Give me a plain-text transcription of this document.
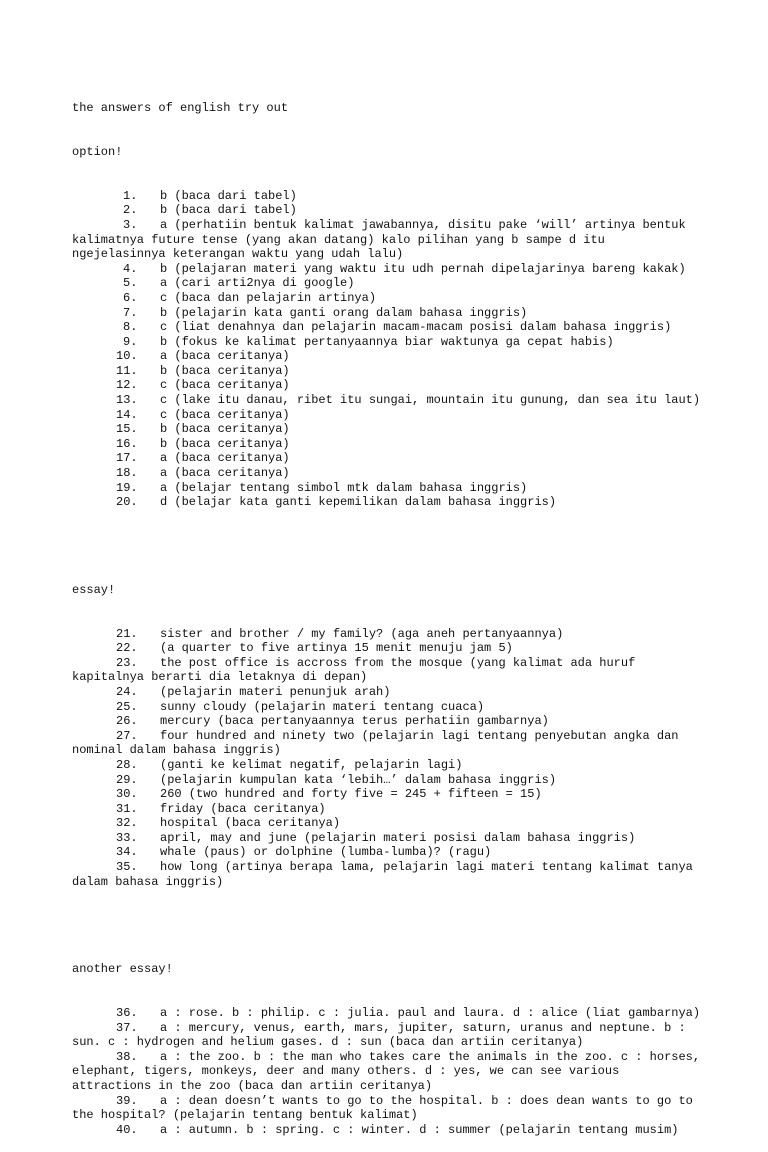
the answers of english try out

option!

1. b (baca dari tabel)
2. b (baca dari tabel)
3. a (perhatiin bentuk kalimat jawabannya, disitu pake ‘will’ artinya bentuk kalimatnya future tense (yang akan datang) kalo pilihan yang b sampe d itu ngejelasinnya keterangan waktu yang udah lalu)
4. b (pelajaran materi yang waktu itu udh pernah dipelajarinya bareng kakak)
5. a (cari arti2nya di google)
6. c (baca dan pelajarin artinya)
7. b (pelajarin kata ganti orang dalam bahasa inggris)
8. c (liat denahnya dan pelajarin macam-macam posisi dalam bahasa inggris)
9. b (fokus ke kalimat pertanyaannya biar waktunya ga cepat habis)
10. a (baca ceritanya)
11. b (baca ceritanya)
12. c (baca ceritanya)
13. c (lake itu danau, ribet itu sungai, mountain itu gunung, dan sea itu laut)
14. c (baca ceritanya)
15. b (baca ceritanya)
16. b (baca ceritanya)
17. a (baca ceritanya)
18. a (baca ceritanya)
19. a (belajar tentang simbol mtk dalam bahasa inggris)
20. d (belajar kata ganti kepemilikan dalam bahasa inggris)

essay!

21. sister and brother / my family? (aga aneh pertanyaannya)
22. (a quarter to five artinya 15 menit menuju jam 5)
23. the post office is accross from the mosque (yang kalimat ada huruf kapitalnya berarti dia letaknya di depan)
24. (pelajarin materi penunjuk arah)
25. sunny cloudy (pelajarin materi tentang cuaca)
26. mercury (baca pertanyaannya terus perhatiin gambarnya)
27. four hundred and ninety two (pelajarin lagi tentang penyebutan angka dan nominal dalam bahasa inggris)
28. (ganti ke kelimat negatif, pelajarin lagi)
29. (pelajarin kumpulan kata ‘lebih…’ dalam bahasa inggris)
30. 260 (two hundred and forty five = 245 + fifteen = 15)
31. friday (baca ceritanya)
32. hospital (baca ceritanya)
33. april, may and june (pelajarin materi posisi dalam bahasa inggris)
34. whale (paus) or dolphine (lumba-lumba)? (ragu)
35. how long (artinya berapa lama, pelajarin lagi materi tentang kalimat tanya dalam bahasa inggris)

another essay!

36. a : rose. b : philip. c : julia. paul and laura. d : alice (liat gambarnya)
37. a : mercury, venus, earth, mars, jupiter, saturn, uranus and neptune. b : sun. c : hydrogen and helium gases. d : sun (baca dan artiin ceritanya)
38. a : the zoo. b : the man who takes care the animals in the zoo. c : horses, elephant, tigers, monkeys, deer and many others. d : yes, we can see various attractions in the zoo (baca dan artiin ceritanya)
39. a : dean doesn’t wants to go to the hospital. b : does dean wants to go to the hospital? (pelajarin tentang bentuk kalimat)
40. a : autumn. b : spring. c : winter. d : summer (pelajarin tentang musim)
